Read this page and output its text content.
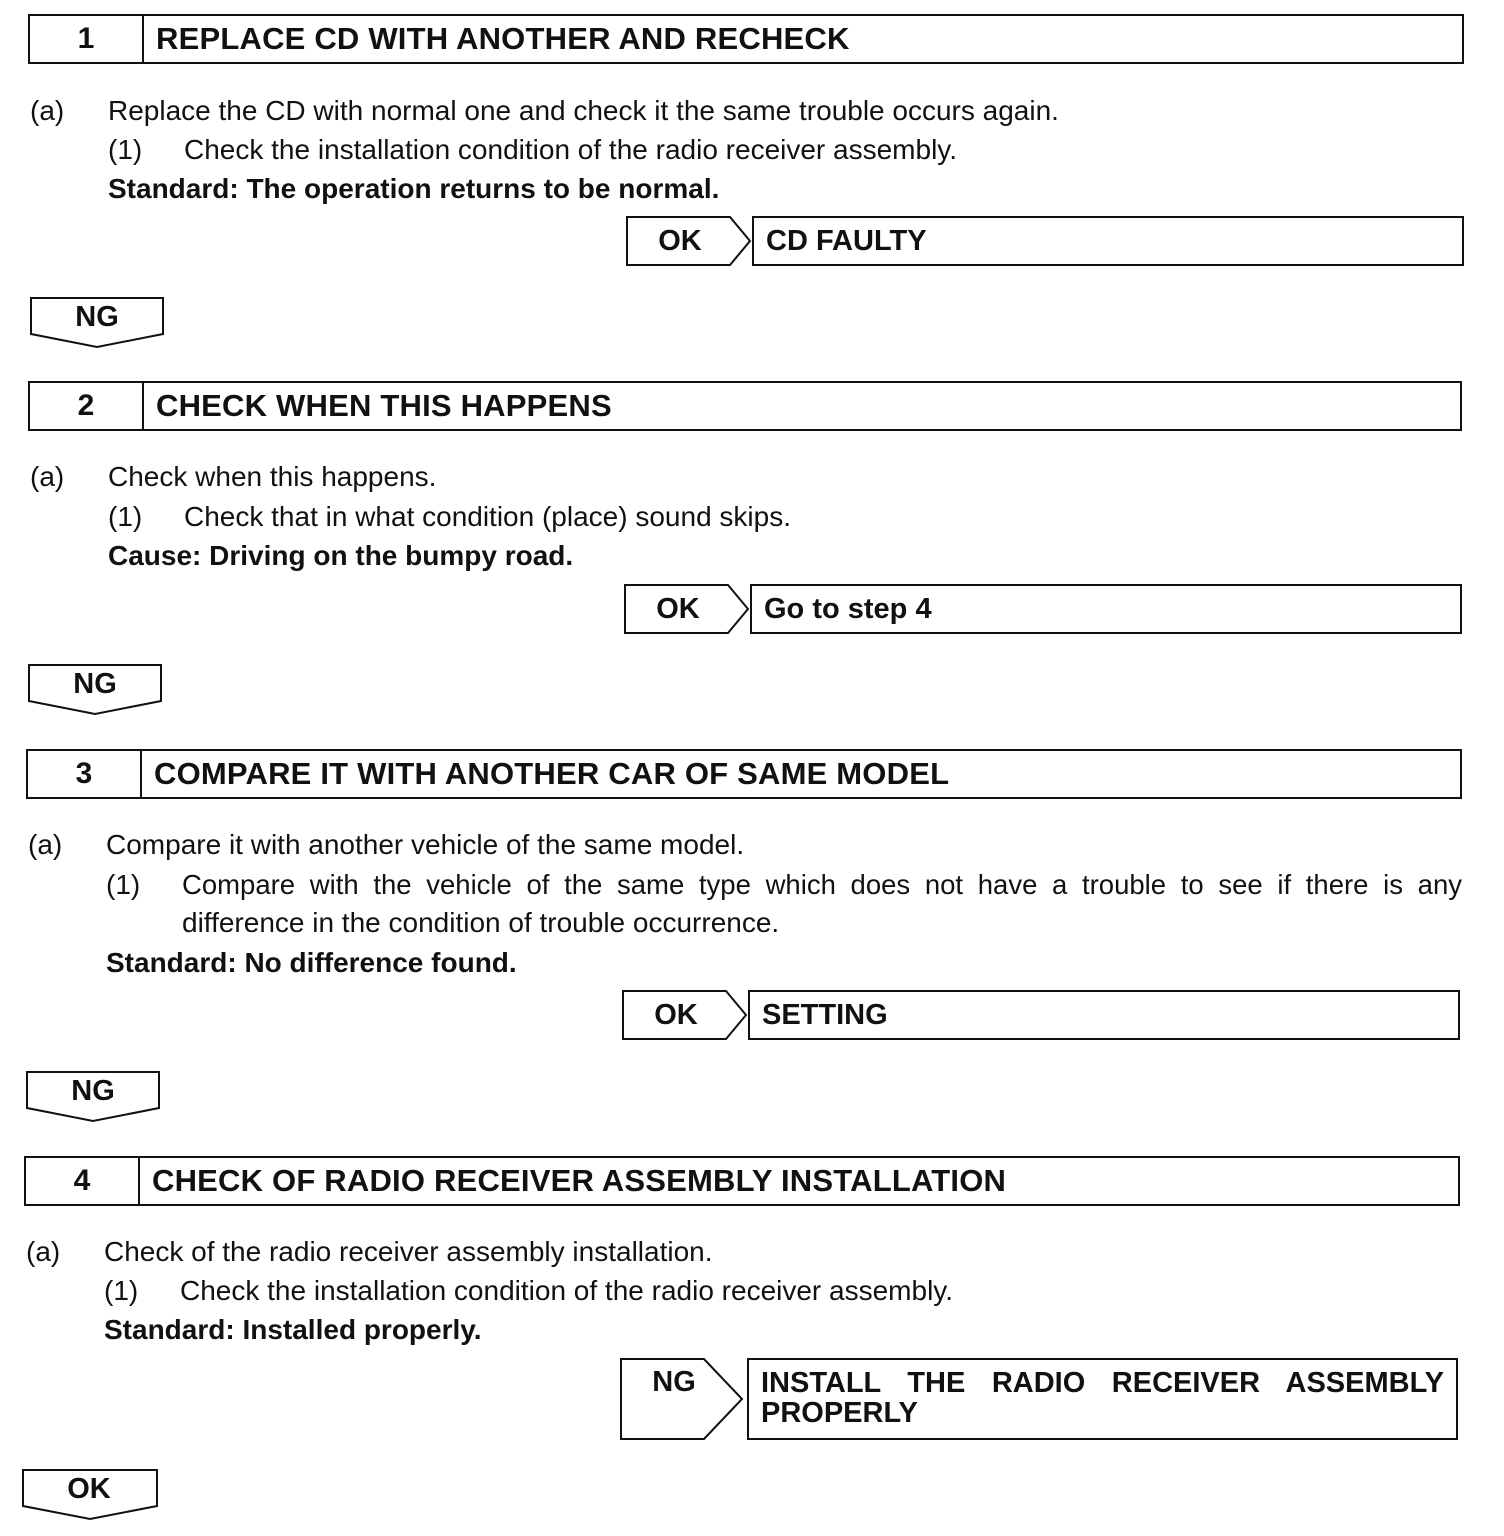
1	REPLACE CD WITH ANOTHER AND RECHECK
(a) Replace the CD with normal one and check it the same trouble occurs again.
(1) Check the installation condition of the radio receiver assembly.
Standard: The operation returns to be normal.
OK	CD FAULTY
NG
2	CHECK WHEN THIS HAPPENS
(a) Check when this happens.
(1) Check that in what condition (place) sound skips.
Cause: Driving on the bumpy road.
OK	Go to step 4
NG
3	COMPARE IT WITH ANOTHER CAR OF SAME MODEL
(a) Compare it with another vehicle of the same model.
(1) Compare with the vehicle of the same type which does not have a trouble to see if there is any
difference in the condition of trouble occurrence.
Standard: No difference found.
OK	SETTING
NG
4	CHECK OF RADIO RECEIVER ASSEMBLY INSTALLATION
(a) Check of the radio receiver assembly installation.
(1) Check the installation condition of the radio receiver assembly.
Standard: Installed properly.
NG	INSTALL THE RADIO RECEIVER ASSEMBLY
PROPERLY
OK
